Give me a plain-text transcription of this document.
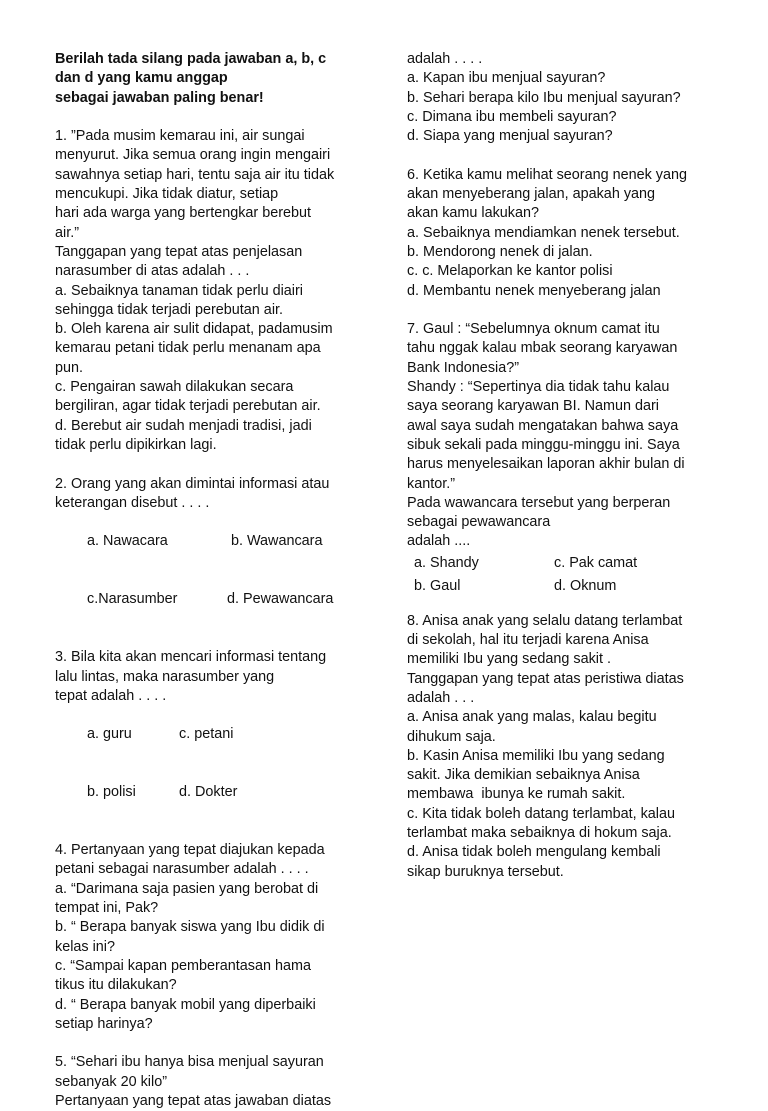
Berilah tada silang pada jawaban a, b, c
dan d yang kamu anggap
sebagai jawaban paling benar!
1. ”Pada musim kemarau ini, air sungai
menyurut. Jika semua orang ingin mengairi
sawahnya setiap hari, tentu saja air itu tidak
mencukupi. Jika tidak diatur, setiap
hari ada warga yang bertengkar berebut
air.”
Tanggapan yang tepat atas penjelasan
narasumber di atas adalah . . .
a. Sebaiknya tanaman tidak perlu diairi
sehingga tidak terjadi perebutan air.
b. Oleh karena air sulit didapat, padamusim
kemarau petani tidak perlu menanam apa
pun.
c. Pengairan sawah dilakukan secara
bergiliran, agar tidak terjadi perebutan air.
d. Berebut air sudah menjadi tradisi, jadi
tidak perlu dipikirkan lagi.
2. Orang yang akan dimintai informasi atau
keterangan disebut . . . .

a. Nawacara	b. Wawancara

c.Narasumber	d. Pewawancara

3. Bila kita akan mencari informasi tentang
lalu lintas, maka narasumber yang
tepat adalah . . . .

a. guru	c. petani

b. polisi	d. Dokter

4. Pertanyaan yang tepat diajukan kepada
petani sebagai narasumber adalah . . . .
a. “Darimana saja pasien yang berobat di
tempat ini, Pak?
b. “ Berapa banyak siswa yang Ibu didik di
kelas ini?
c. “Sampai kapan pemberantasan hama
tikus itu dilakukan?
d. “ Berapa banyak mobil yang diperbaiki
setiap harinya?
5. “Sehari ibu hanya bisa menjual sayuran
sebanyak 20 kilo”
Pertanyaan yang tepat atas jawaban diatas
adalah . . . .
a. Kapan ibu menjual sayuran?
b. Sehari berapa kilo Ibu menjual sayuran?
c. Dimana ibu membeli sayuran?
d. Siapa yang menjual sayuran?
6. Ketika kamu melihat seorang nenek yang
akan menyeberang jalan, apakah yang
akan kamu lakukan?
a. Sebaiknya mendiamkan nenek tersebut.
b. Mendorong nenek di jalan.
c. c. Melaporkan ke kantor polisi
d. Membantu nenek menyeberang jalan
7. Gaul : “Sebelumnya oknum camat itu
tahu nggak kalau mbak seorang karyawan
Bank Indonesia?”
Shandy : “Sepertinya dia tidak tahu kalau
saya seorang karyawan BI. Namun dari
awal saya sudah mengatakan bahwa saya
sibuk sekali pada minggu-minggu ini. Saya
harus menyelesaikan laporan akhir bulan di
kantor.”
Pada wawancara tersebut yang berperan
sebagai pewawancara
adalah ....
a. Shandy	c. Pak camat
b. Gaul	d. Oknum
8. Anisa anak yang selalu datang terlambat
di sekolah, hal itu terjadi karena Anisa
memiliki Ibu yang sedang sakit .
Tanggapan yang tepat atas peristiwa diatas
adalah . . .
a. Anisa anak yang malas, kalau begitu
dihukum saja.
b. Kasin Anisa memiliki Ibu yang sedang
sakit. Jika demikian sebaiknya Anisa
membawa  ibunya ke rumah sakit.
c. Kita tidak boleh datang terlambat, kalau
terlambat maka sebaiknya di hokum saja.
d. Anisa tidak boleh mengulang kembali
sikap buruknya tersebut.
